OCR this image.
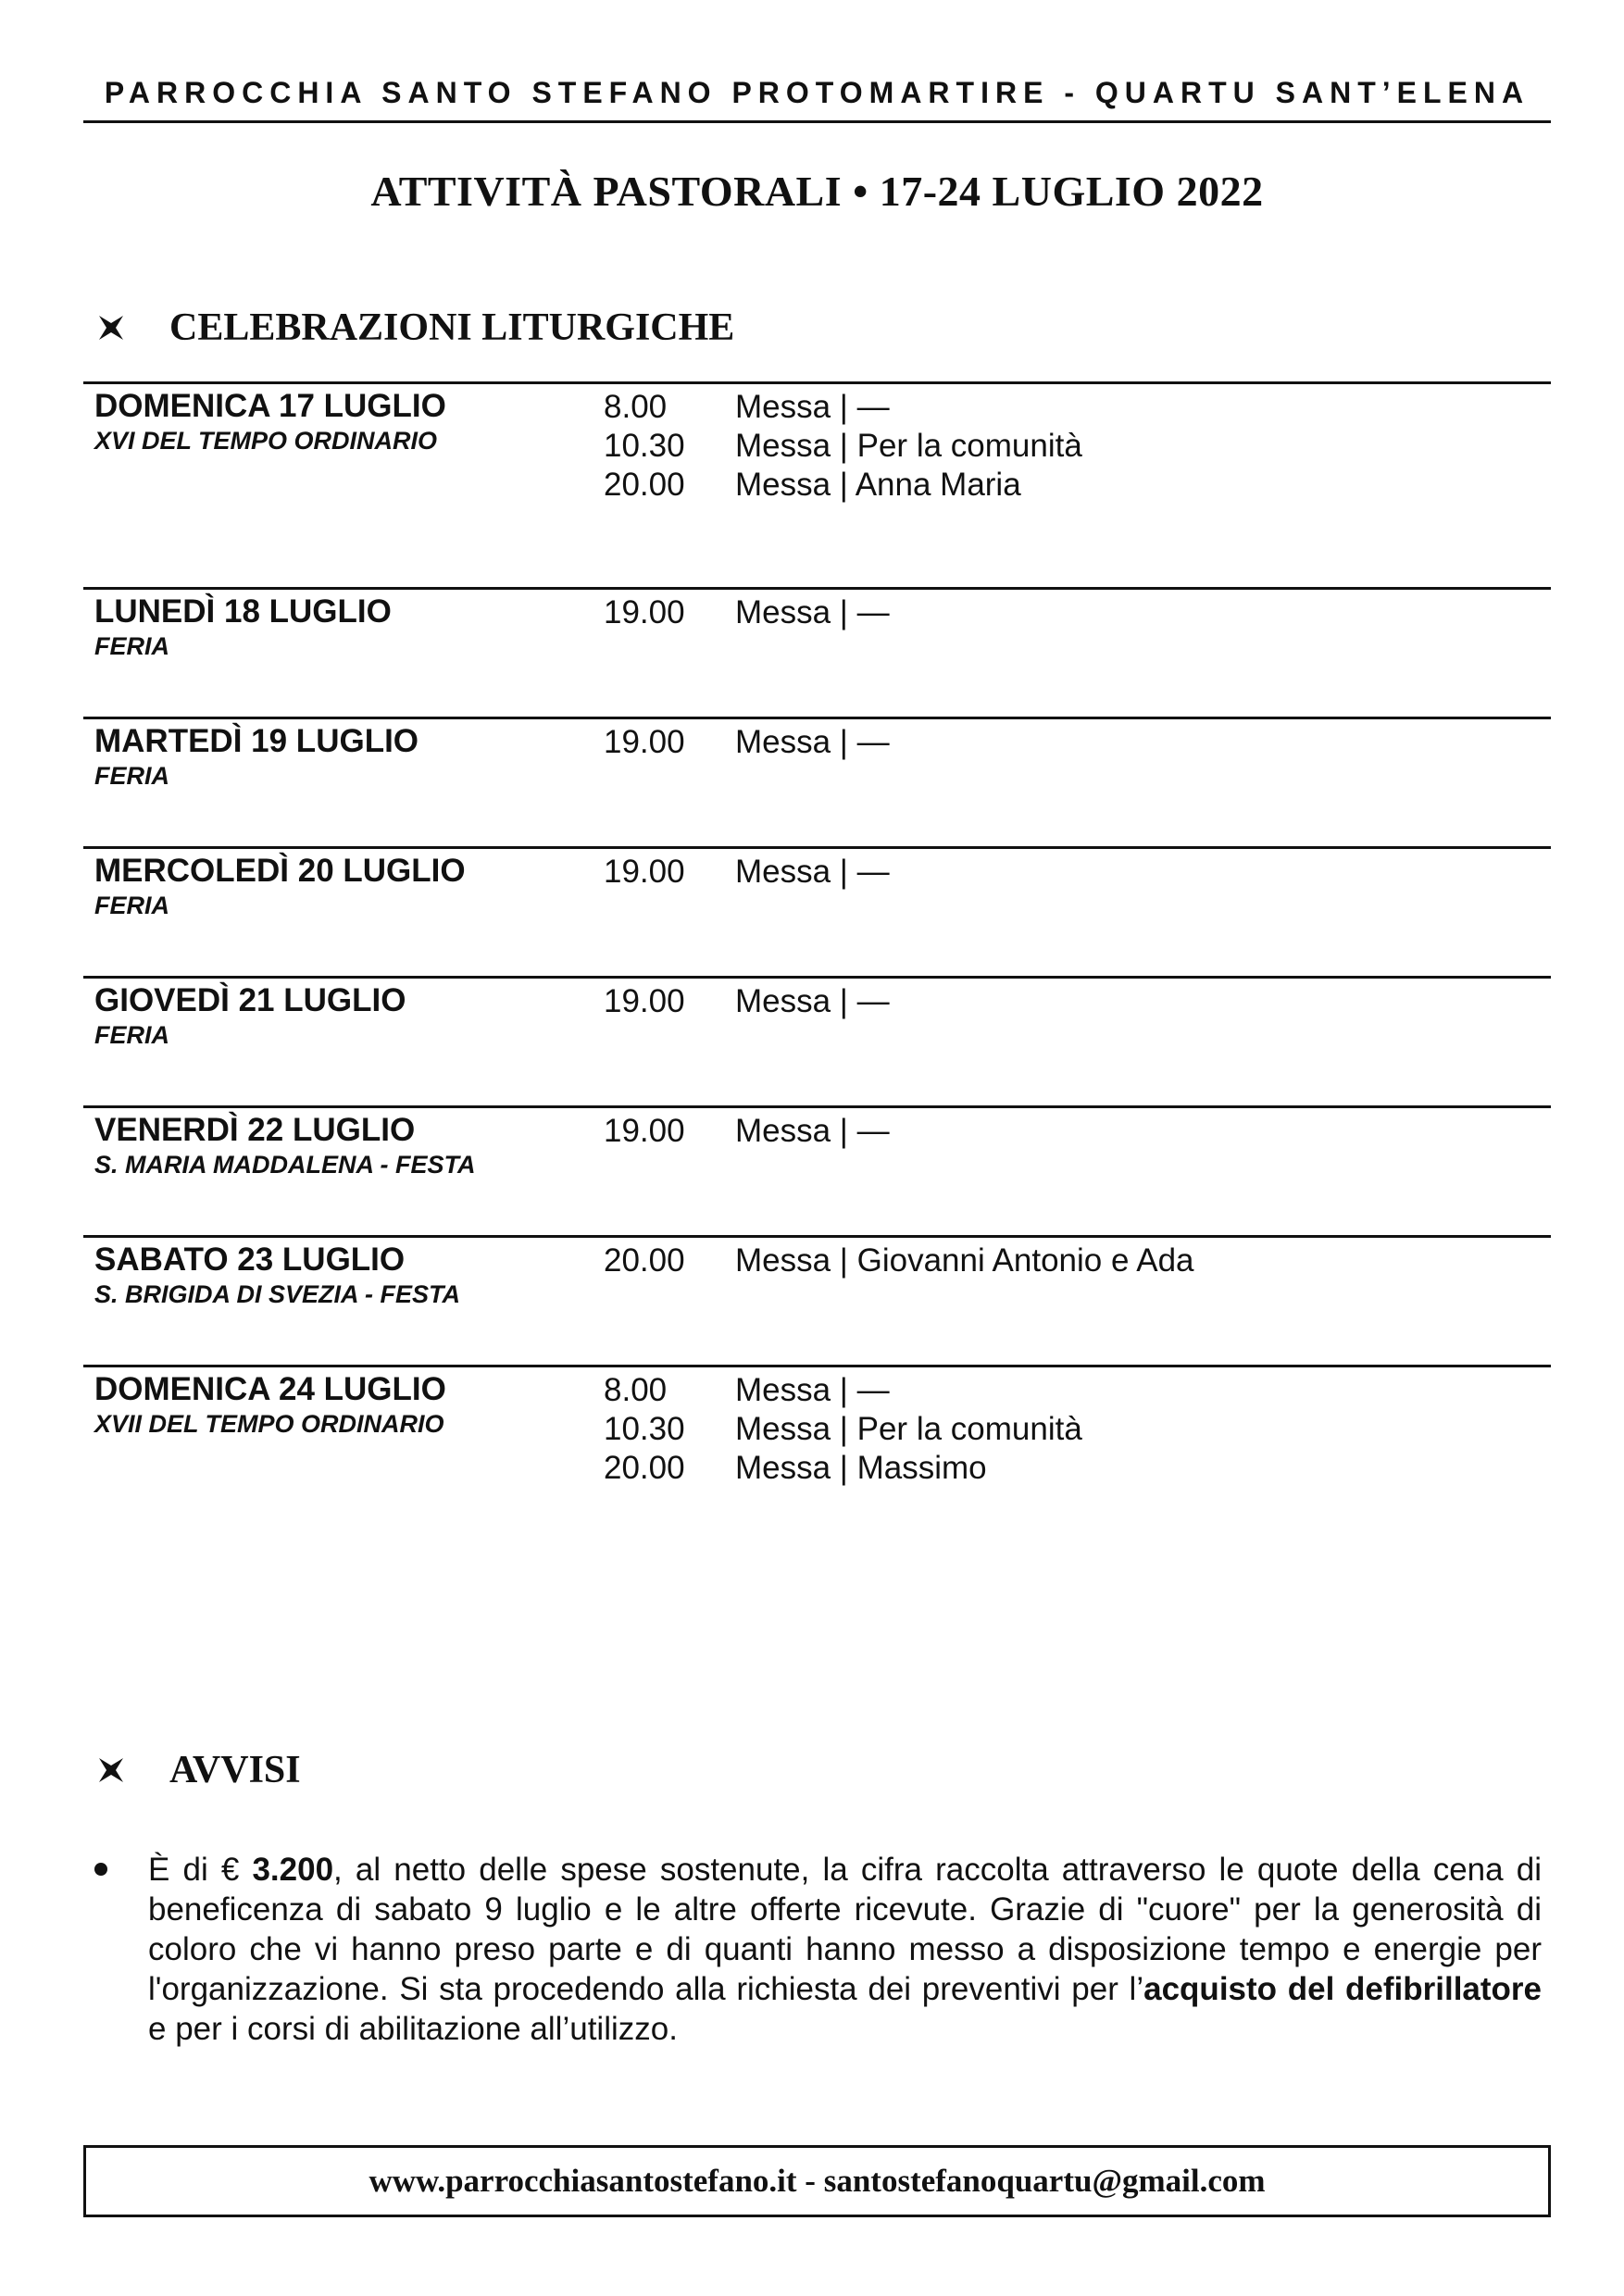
PARROCCHIA SANTO STEFANO PROTOMARTIRE - QUARTU SANT’ELENA
ATTIVITÀ PASTORALI • 17-24 LUGLIO 2022
CELEBRAZIONI LITURGICHE
DOMENICA 17 LUGLIO
XVI DEL TEMPO ORDINARIO
8.00	Messa | —
10.30	Messa | Per la comunità
20.00	Messa | Anna Maria
LUNEDÌ 18 LUGLIO
FERIA
19.00	Messa | —
MARTEDÌ 19 LUGLIO
FERIA
19.00	Messa | —
MERCOLEDÌ 20 LUGLIO
FERIA
19.00	Messa | —
GIOVEDÌ 21 LUGLIO
FERIA
19.00	Messa | —
VENERDÌ 22 LUGLIO
S. MARIA MADDALENA - FESTA
19.00	Messa | —
SABATO 23 LUGLIO
S. BRIGIDA DI SVEZIA - FESTA
20.00	Messa | Giovanni Antonio e Ada
DOMENICA 24 LUGLIO
XVII DEL TEMPO ORDINARIO
8.00	Messa | —
10.30	Messa | Per la comunità
20.00	Messa | Massimo
AVVISI
È di € 3.200, al netto delle spese sostenute, la cifra raccolta attraverso le quote della cena di beneficenza di sabato 9 luglio e le altre offerte ricevute. Grazie di "cuore" per la generosità di coloro che vi hanno preso parte e di quanti hanno messo a disposizione tempo e energie per l'organizzazione. Si sta procedendo alla richiesta dei preventivi per l’acquisto del defibrillatore e per i corsi di abilitazione all’utilizzo.
www.parrocchiasantostefano.it - santostefanoquartu@gmail.com
